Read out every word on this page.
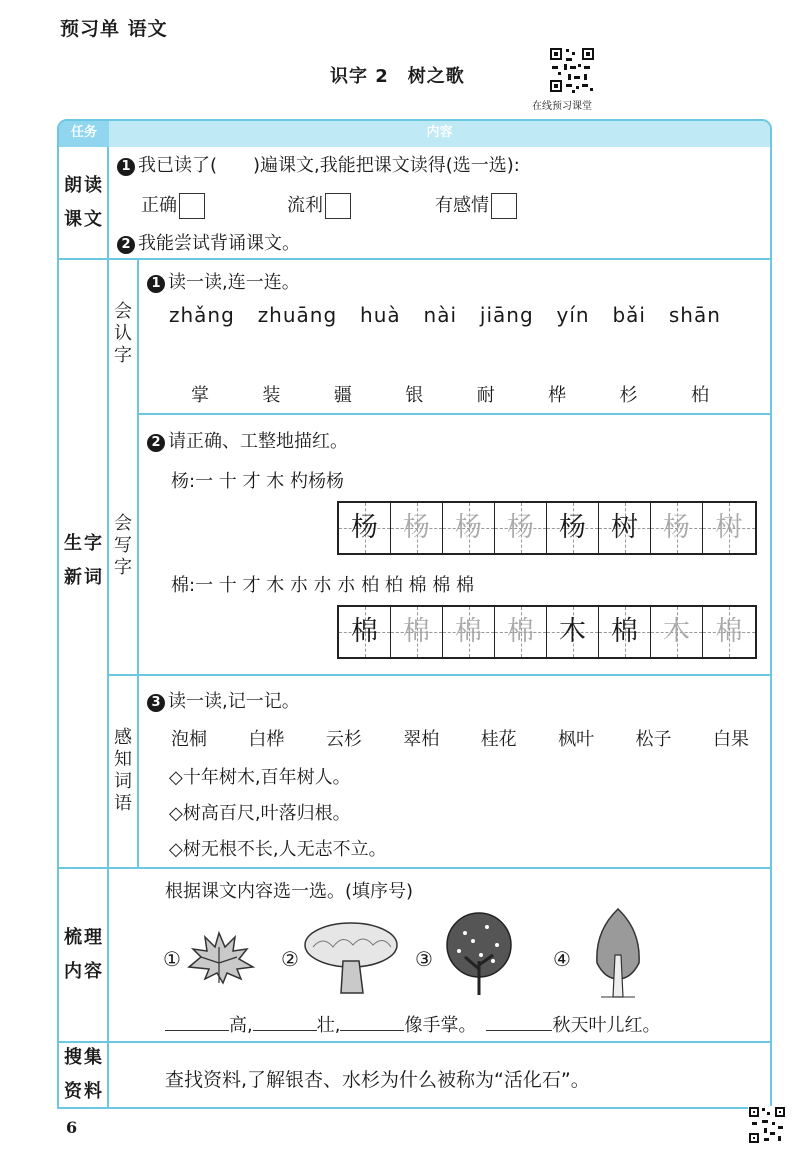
预习单 语文
识字 2　树之歌
在线预习课堂
任务	内容
朗读课文
1 我已读了(　　)遍课文,我能把课文读得(选一选):
正确	流利	有感情
2 我能尝试背诵课文。
生字新词
会认字
1 读一读,连一连。
zhǎng zhuāng huà nài jiāng yín bǎi shān
掌	装	疆	银	耐	桦	杉	柏
会写字
2 请正确、工整地描红。
杨:一 十 才 木 杓杨杨
杨 杨 杨 杨 杨 树 杨 树
棉:一 十 才 木 朩 朩 朩 柏 柏 棉 棉 棉
棉 棉 棉 棉 木 棉 木 棉
感知词语
3 读一读,记一记。
泡桐 白桦 云杉 翠柏 桂花 枫叶 松子 白果
◇十年树木,百年树人。
◇树高百尺,叶落归根。
◇树无根不长,人无志不立。
梳理内容
根据课文内容选一选。(填序号)
①	②	③	④
高,	壮,	像手掌。	秋天叶儿红。
搜集资料
查找资料,了解银杏、水杉为什么被称为“活化石”。
6
